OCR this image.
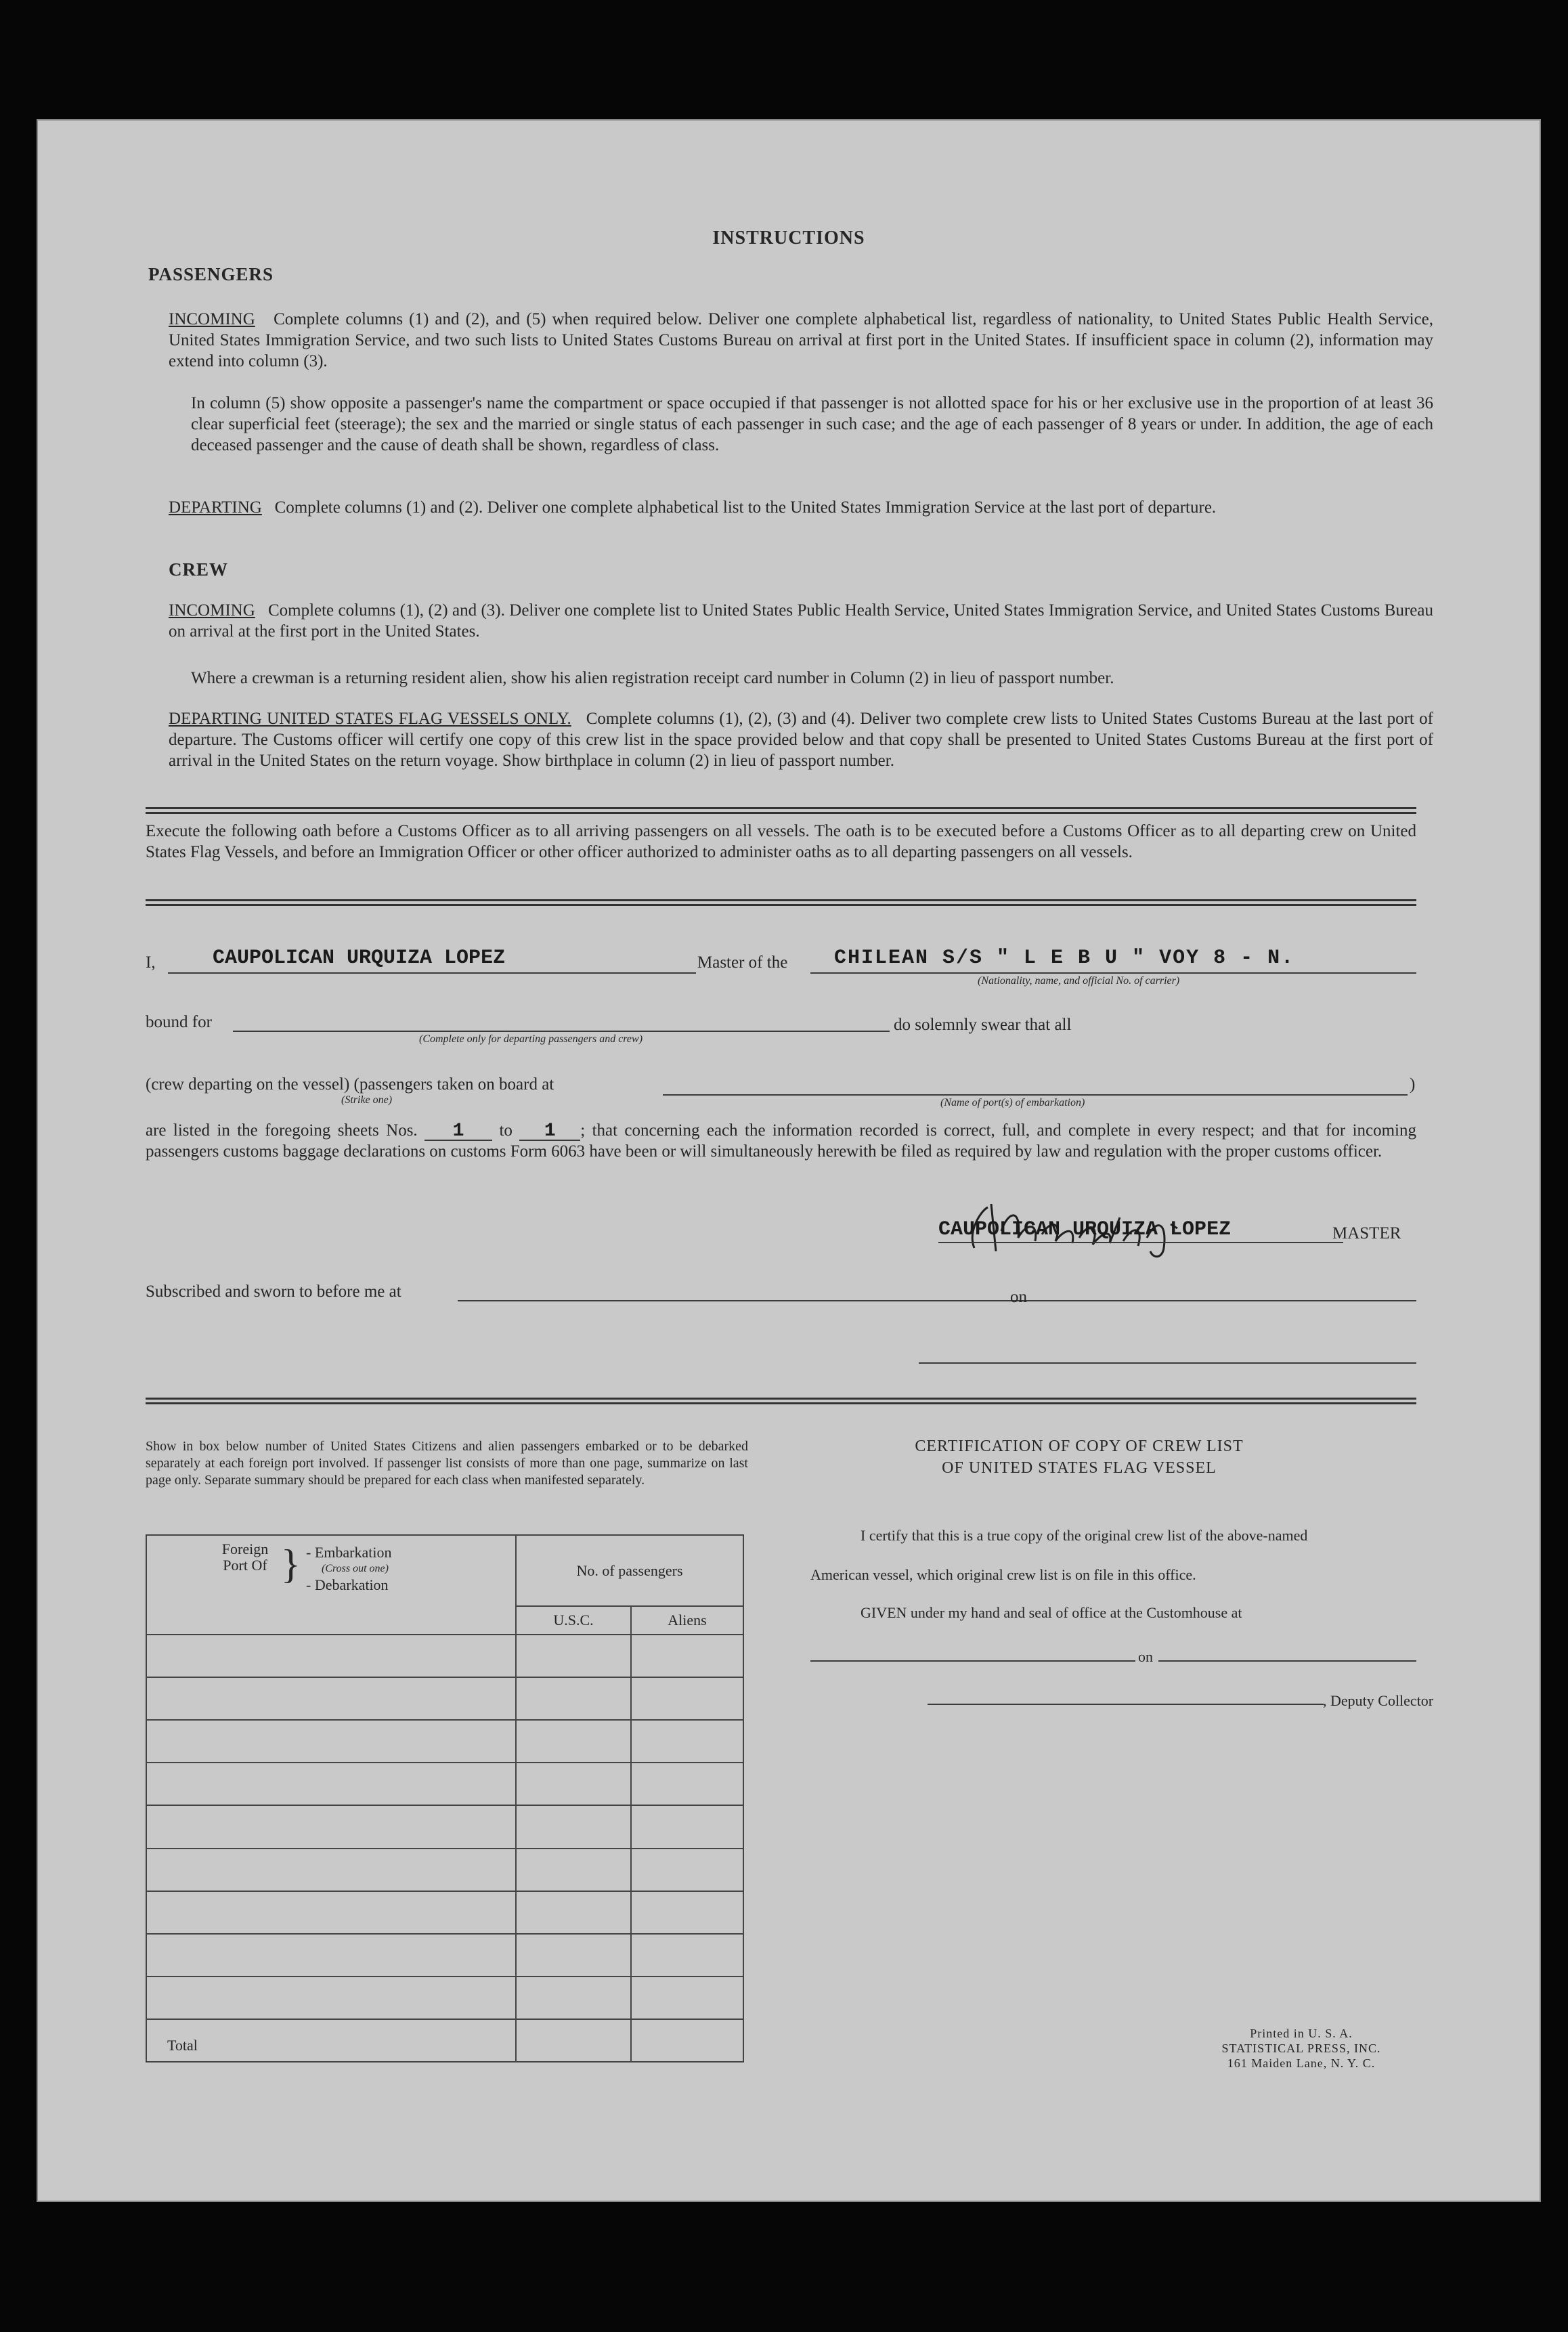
INSTRUCTIONS
PASSENGERS
INCOMING Complete columns (1) and (2), and (5) when required below. Deliver one complete alphabetical list, regardless of nationality, to United States Public Health Service, United States Immigration Service, and two such lists to United States Customs Bureau on arrival at first port in the United States. If insufficient space in column (2), information may extend into column (3).
In column (5) show opposite a passenger's name the compartment or space occupied if that passenger is not allotted space for his or her exclusive use in the proportion of at least 36 clear superficial feet (steerage); the sex and the married or single status of each passenger in such case; and the age of each passenger of 8 years or under. In addition, the age of each deceased passenger and the cause of death shall be shown, regardless of class.
DEPARTING Complete columns (1) and (2). Deliver one complete alphabetical list to the United States Immigration Service at the last port of departure.
CREW
INCOMING Complete columns (1), (2) and (3). Deliver one complete list to United States Public Health Service, United States Immigration Service, and United States Customs Bureau on arrival at the first port in the United States.
Where a crewman is a returning resident alien, show his alien registration receipt card number in Column (2) in lieu of passport number.
DEPARTING UNITED STATES FLAG VESSELS ONLY. Complete columns (1), (2), (3) and (4). Deliver two complete crew lists to United States Customs Bureau at the last port of departure. The Customs officer will certify one copy of this crew list in the space provided below and that copy shall be presented to United States Customs Bureau at the first port of arrival in the United States on the return voyage. Show birthplace in column (2) in lieu of passport number.
Execute the following oath before a Customs Officer as to all arriving passengers on all vessels. The oath is to be executed before a Customs Officer as to all departing crew on United States Flag Vessels, and before an Immigration Officer or other officer authorized to administer oaths as to all departing passengers on all vessels.
I,	CAUPOLICAN URQUIZA LOPEZ	Master of the CHILEAN S/S " L E B U " VOY 8 - N.
(Nationality, name, and official No. of carrier)
bound for
(Complete only for departing passengers and crew)
do solemnly swear that all
(crew departing on the vessel) (passengers taken on board at
(Strike one)
)
(Name of port(s) of embarkation)
are listed in the foregoing sheets Nos. 1 to 1 ; that concerning each the information recorded is correct, full, and complete in every respect; and that for incoming passengers customs baggage declarations on customs Form 6063 have been or will simultaneously herewith be filed as required by law and regulation with the proper customs officer.
CAUPOLICAN URQUIZA LOPEZ	MASTER
Subscribed and sworn to before me at	on
Show in box below number of United States Citizens and alien passengers embarked or to be debarked separately at each foreign port involved. If passenger list consists of more than one page, summarize on last page only. Separate summary should be prepared for each class when manifested separately.
Foreign Port Of } - Embarkation
(Cross out one)
- Debarkation	No. of passengers	
	U.S.C.	Aliens

Total		
CERTIFICATION OF COPY OF CREW LIST
OF UNITED STATES FLAG VESSEL
I certify that this is a true copy of the original crew list of the above-named
American vessel, which original crew list is on file in this office.
GIVEN under my hand and seal of office at the Customhouse at
on
, Deputy Collector
Printed in U. S. A.
STATISTICAL PRESS, INC.
161 Maiden Lane, N. Y. C.
